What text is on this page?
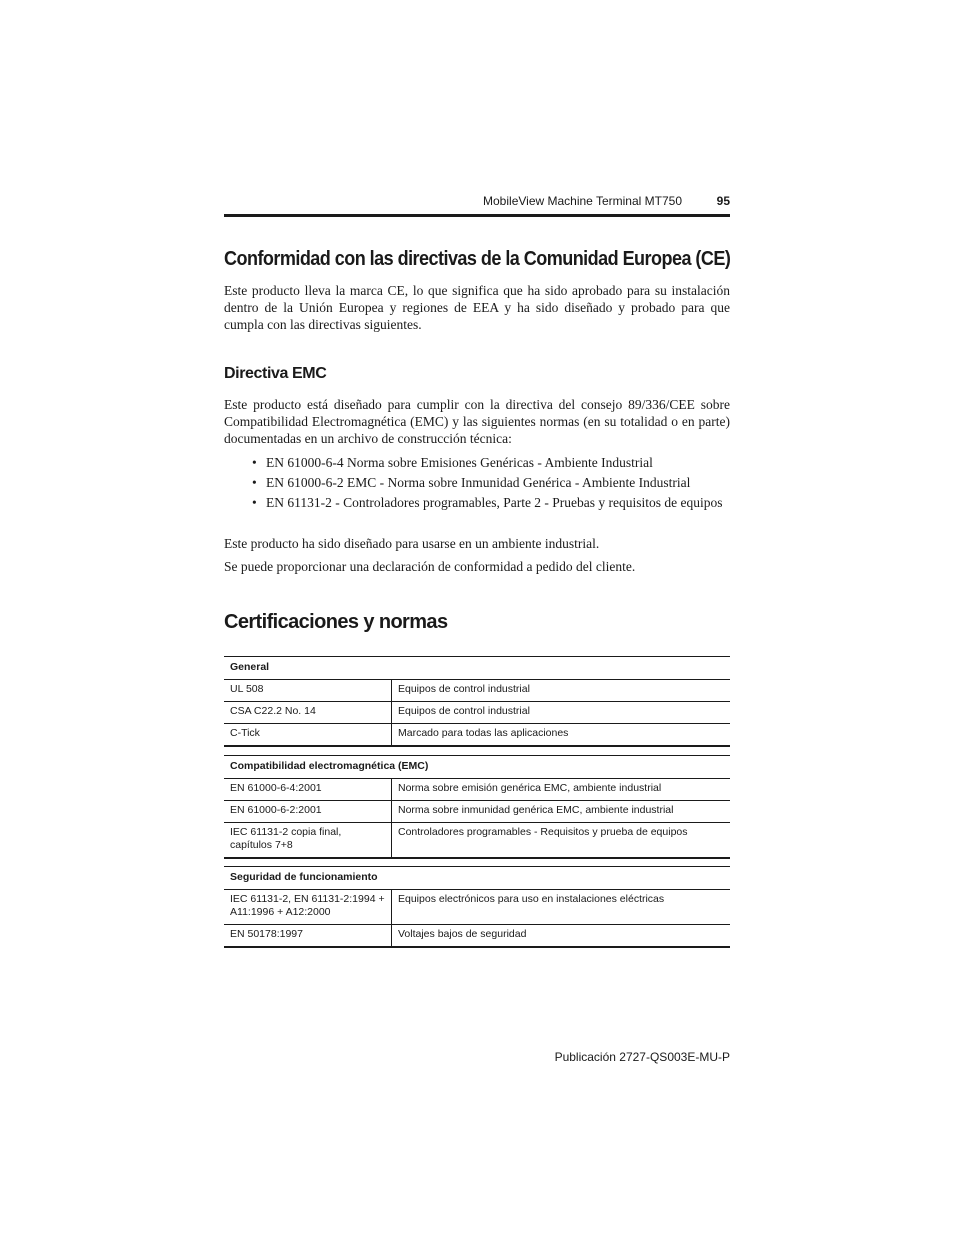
MobileView Machine Terminal MT750	95
Conformidad con las directivas de la Comunidad Europea (CE)
Este producto lleva la marca CE, lo que significa que ha sido aprobado para su instalación dentro de la Unión Europea y regiones de EEA y ha sido diseñado y probado para que cumpla con las directivas siguientes.
Directiva EMC
Este producto está diseñado para cumplir con la directiva del consejo 89/336/CEE sobre Compatibilidad Electromagnética (EMC) y las siguientes normas (en su totalidad o en parte) documentadas en un archivo de construcción técnica:
• EN 61000-6-4 Norma sobre Emisiones Genéricas - Ambiente Industrial
• EN 61000-6-2 EMC - Norma sobre Inmunidad Genérica - Ambiente Industrial
• EN 61131-2 - Controladores programables, Parte 2 - Pruebas y requisitos de equipos
Este producto ha sido diseñado para usarse en un ambiente industrial.
Se puede proporcionar una declaración de conformidad a pedido del cliente.
Certificaciones y normas
General	
UL 508	Equipos de control industrial
CSA C22.2 No. 14	Equipos de control industrial
C-Tick	Marcado para todas las aplicaciones
Compatibilidad electromagnética (EMC)	
EN 61000-6-4:2001	Norma sobre emisión genérica EMC, ambiente industrial
EN 61000-6-2:2001	Norma sobre inmunidad genérica EMC, ambiente industrial
IEC 61131-2 copia final, capítulos 7+8	Controladores programables - Requisitos y prueba de equipos
Seguridad de funcionamiento	
IEC 61131-2, EN 61131-2:1994 + A11:1996 + A12:2000	Equipos electrónicos para uso en instalaciones eléctricas
EN 50178:1997	Voltajes bajos de seguridad
Publicación 2727-QS003E-MU-P
